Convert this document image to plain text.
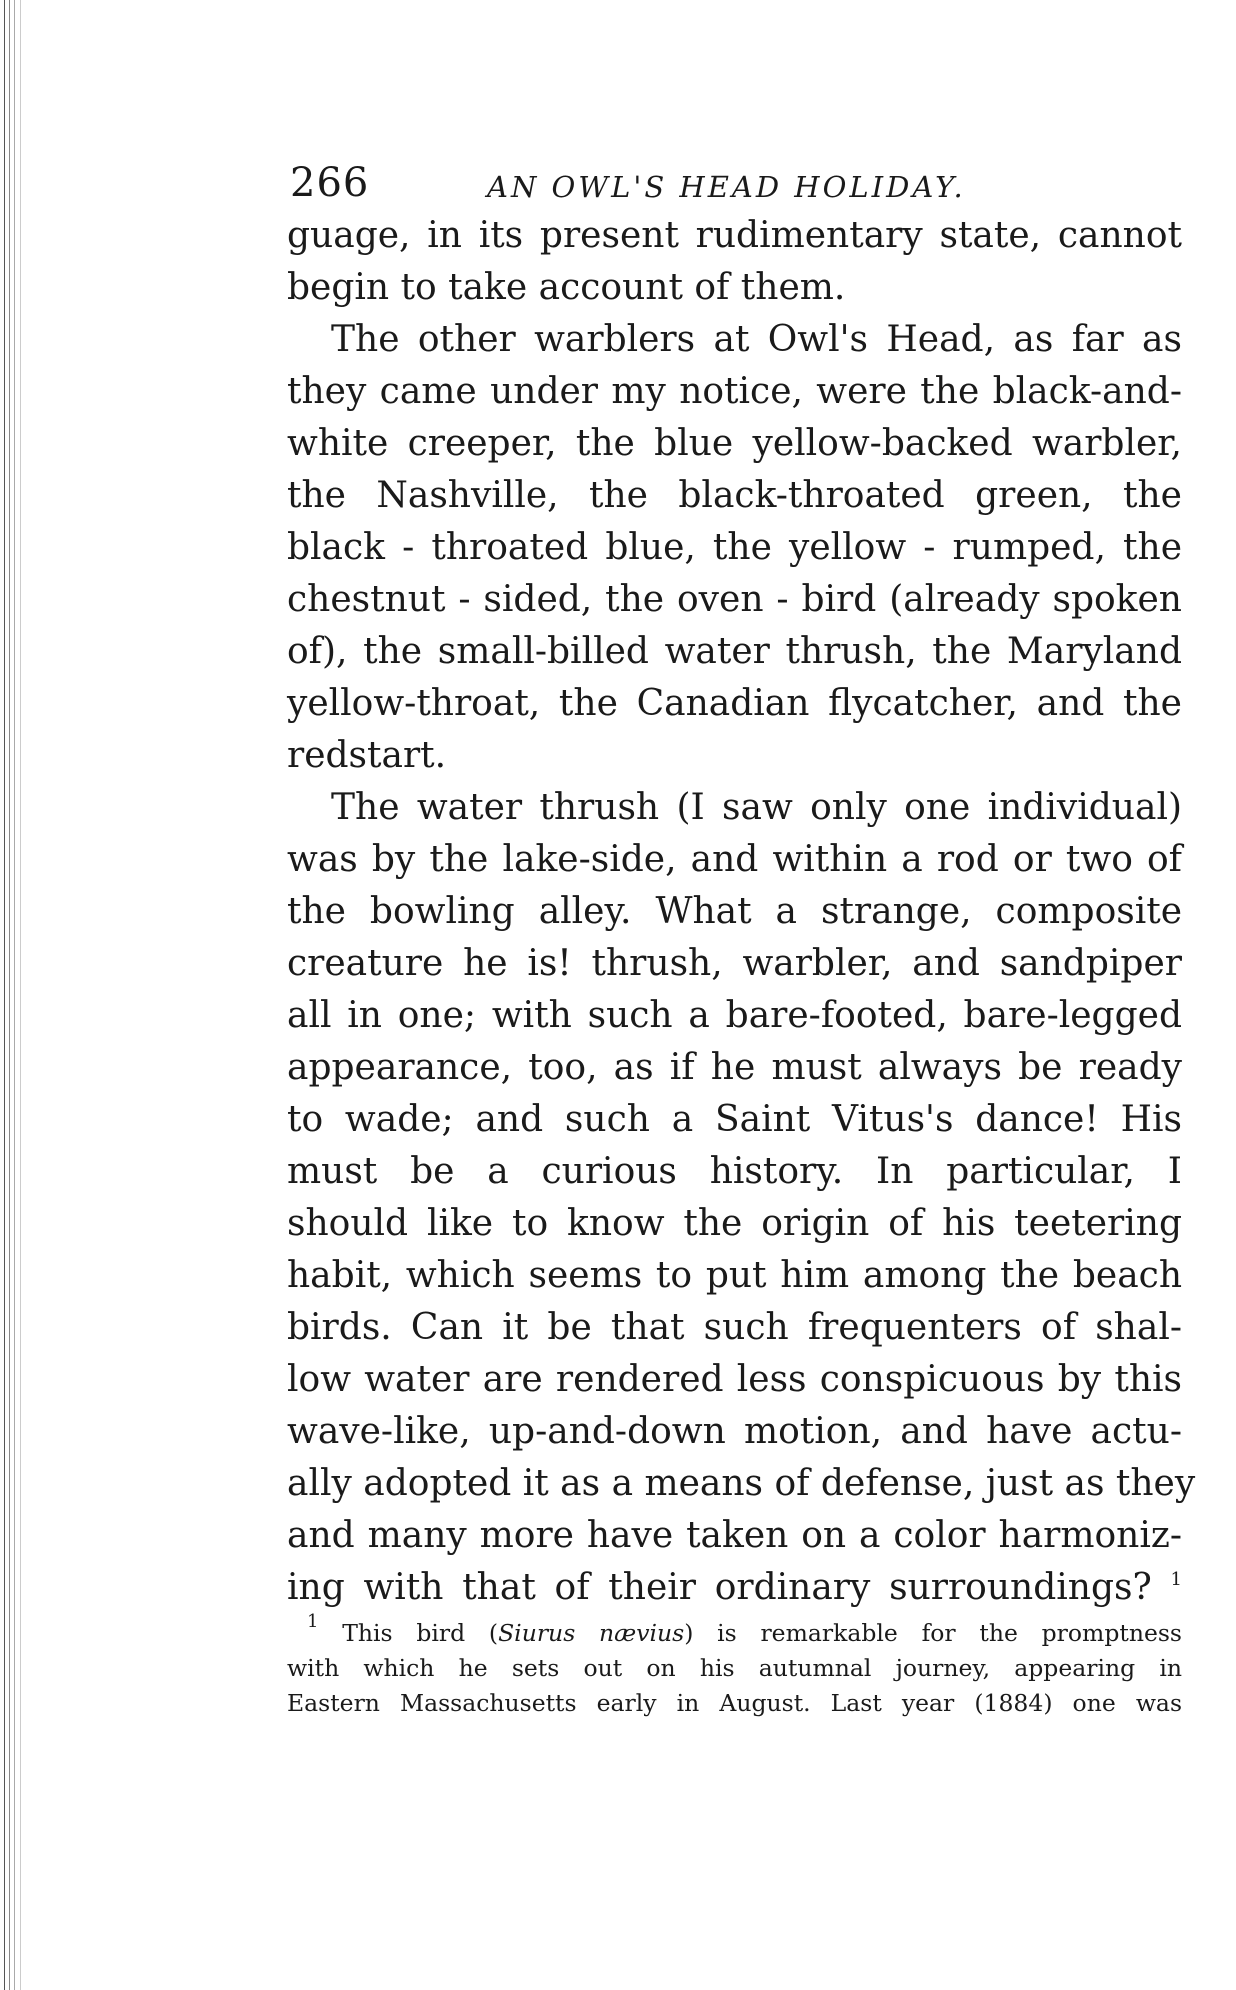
266	AN OWL'S HEAD HOLIDAY.
guage, in its present rudimentary state, cannot
begin to take account of them.
The other warblers at Owl's Head, as far as
they came under my notice, were the black-and-
white creeper, the blue yellow-backed warbler,
the Nashville, the black-throated green, the
black - throated blue, the yellow - rumped, the
chestnut - sided, the oven - bird (already spoken
of), the small-billed water thrush, the Maryland
yellow-throat, the Canadian flycatcher, and the
redstart.
The water thrush (I saw only one individual)
was by the lake-side, and within a rod or two of
the bowling alley. What a strange, composite
creature he is! thrush, warbler, and sandpiper
all in one; with such a bare-footed, bare-legged
appearance, too, as if he must always be ready
to wade; and such a Saint Vitus's dance! His
must be a curious history. In particular, I
should like to know the origin of his teetering
habit, which seems to put him among the beach
birds. Can it be that such frequenters of shal-
low water are rendered less conspicuous by this
wave-like, up-and-down motion, and have actu-
ally adopted it as a means of defense, just as they
and many more have taken on a color harmoniz-
ing with that of their ordinary surroundings? $^1$
$^1$ This bird (Siurus nævius) is remarkable for the promptness
with which he sets out on his autumnal journey, appearing in
Eastern Massachusetts early in August. Last year (1884) one was
